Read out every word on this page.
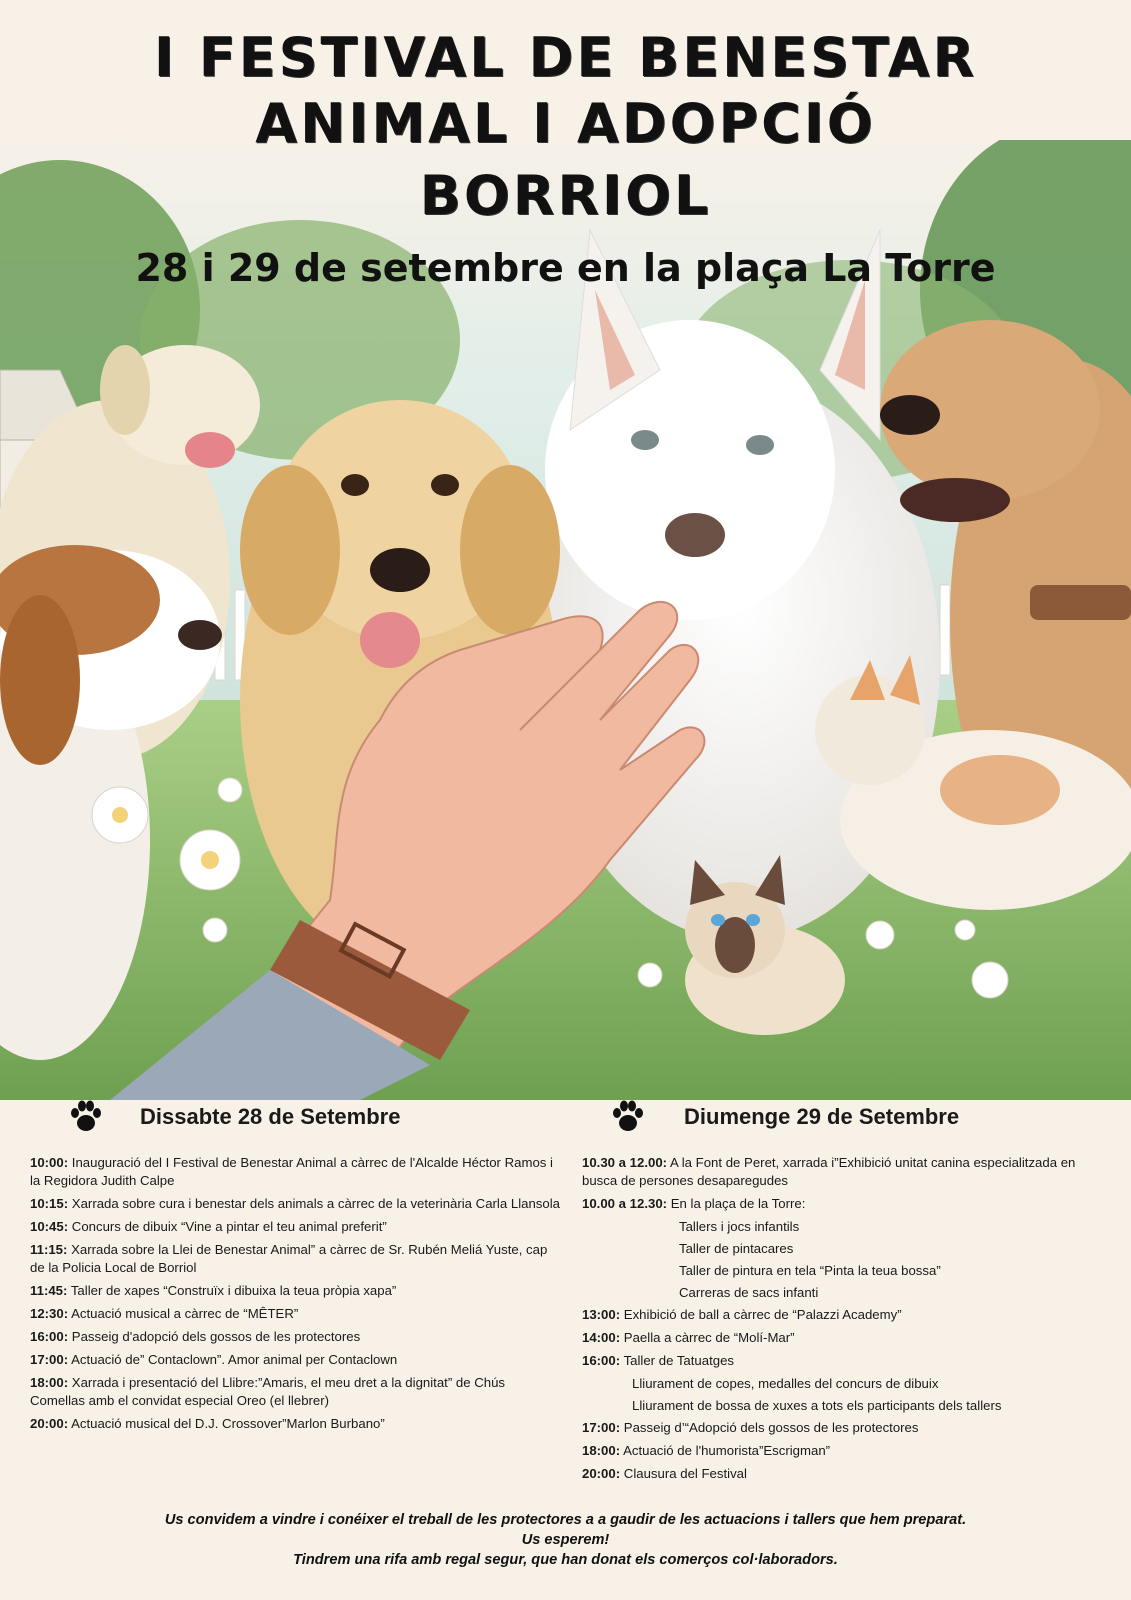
I FESTIVAL DE BENESTAR
ANIMAL I ADOPCIÓ
BORRIOL
28 i 29 de setembre en la plaça La Torre
Dissabte 28 de Setembre
10:00: Inauguració del I Festival de Benestar Animal a càrrec de l'Alcalde Héctor Ramos i la Regidora Judith Calpe
10:15: Xarrada sobre cura i benestar dels animals a càrrec de la veterinària Carla Llansola
10:45: Concurs de dibuix “Vine a pintar el teu animal preferit”
11:15: Xarrada sobre la Llei de Benestar Animal” a càrrec de Sr. Rubén Meliá Yuste, cap de la Policia Local de Borriol
11:45: Taller de xapes “Construïx i dibuixa la teua pròpia xapa”
12:30: Actuació musical a càrrec de “MÊTER”
16:00: Passeig d'adopció dels gossos de les protectores
17:00: Actuació de” Contaclown”. Amor animal per Contaclown
18:00: Xarrada i presentació del Llibre:”Amaris, el meu dret a la dignitat” de Chús Comellas amb el convidat especial Oreo (el llebrer)
20:00: Actuació musical del D.J. Crossover”Marlon Burbano”
Diumenge 29 de Setembre
10.30 a 12.00: A la Font de Peret, xarrada i”Exhibició unitat canina especialitzada en busca de persones desaparegudes
10.00 a 12.30: En la plaça de la Torre:
Tallers i jocs infantils
Taller de pintacares
Taller de pintura en tela “Pinta la teua bossa”
Carreras de sacs infanti
13:00: Exhibició de ball a càrrec de “Palazzi Academy”
14:00: Paella a càrrec de “Molí-Mar”
16:00: Taller de Tatuatges
Lliurament de copes, medalles del concurs de dibuix
Lliurament de bossa de xuxes a tots els participants dels tallers
17:00: Passeig d’“Adopció dels gossos de les protectores
18:00: Actuació de l'humorista”Escrigman”
20:00: Clausura del Festival
Us convidem a vindre i conéixer el treball de les protectores a a gaudir de les actuacions i tallers que hem preparat.
Us esperem!
Tindrem una rifa amb regal segur, que han donat els comerços col·laboradors.
